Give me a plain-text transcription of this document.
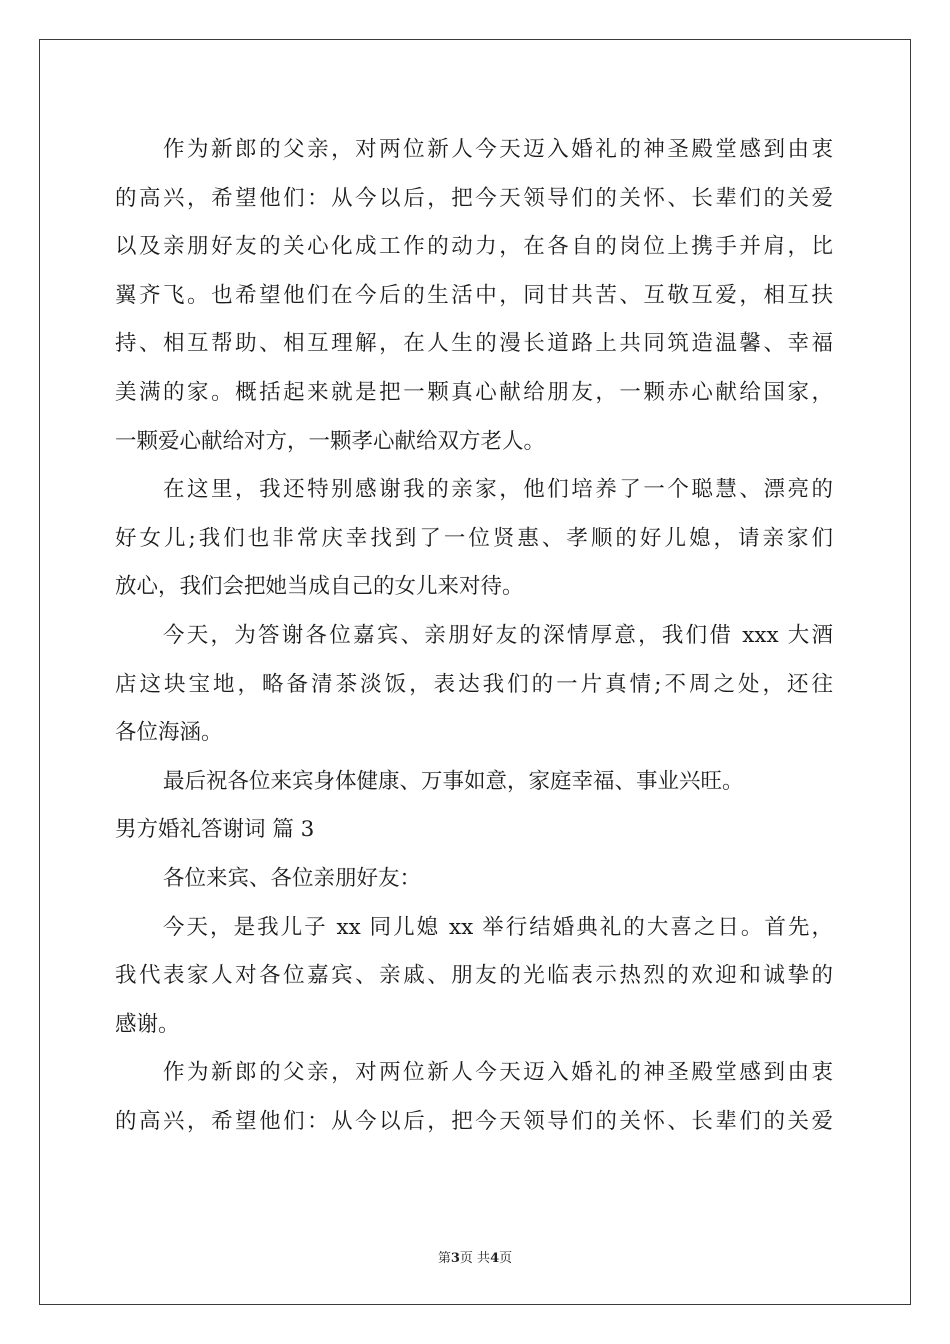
作为新郎的父亲，对两位新人今天迈入婚礼的神圣殿堂感到由衷
的高兴，希望他们：从今以后，把今天领导们的关怀、长辈们的关爱
以及亲朋好友的关心化成工作的动力，在各自的岗位上携手并肩，比
翼齐飞。也希望他们在今后的生活中，同甘共苦、互敬互爱，相互扶
持、相互帮助、相互理解，在人生的漫长道路上共同筑造温馨、幸福
美满的家。概括起来就是把一颗真心献给朋友，一颗赤心献给国家，
一颗爱心献给对方，一颗孝心献给双方老人。
在这里，我还特别感谢我的亲家，他们培养了一个聪慧、漂亮的
好女儿;我们也非常庆幸找到了一位贤惠、孝顺的好儿媳，请亲家们
放心，我们会把她当成自己的女儿来对待。
今天，为答谢各位嘉宾、亲朋好友的深情厚意，我们借 xxx 大酒
店这块宝地，略备清茶淡饭，表达我们的一片真情;不周之处，还往
各位海涵。
最后祝各位来宾身体健康、万事如意，家庭幸福、事业兴旺。
男方婚礼答谢词 篇 3
各位来宾、各位亲朋好友：
今天，是我儿子 xx 同儿媳 xx 举行结婚典礼的大喜之日。首先，
我代表家人对各位嘉宾、亲戚、朋友的光临表示热烈的欢迎和诚挚的
感谢。
作为新郎的父亲，对两位新人今天迈入婚礼的神圣殿堂感到由衷
的高兴，希望他们：从今以后，把今天领导们的关怀、长辈们的关爱
第3页 共4页
